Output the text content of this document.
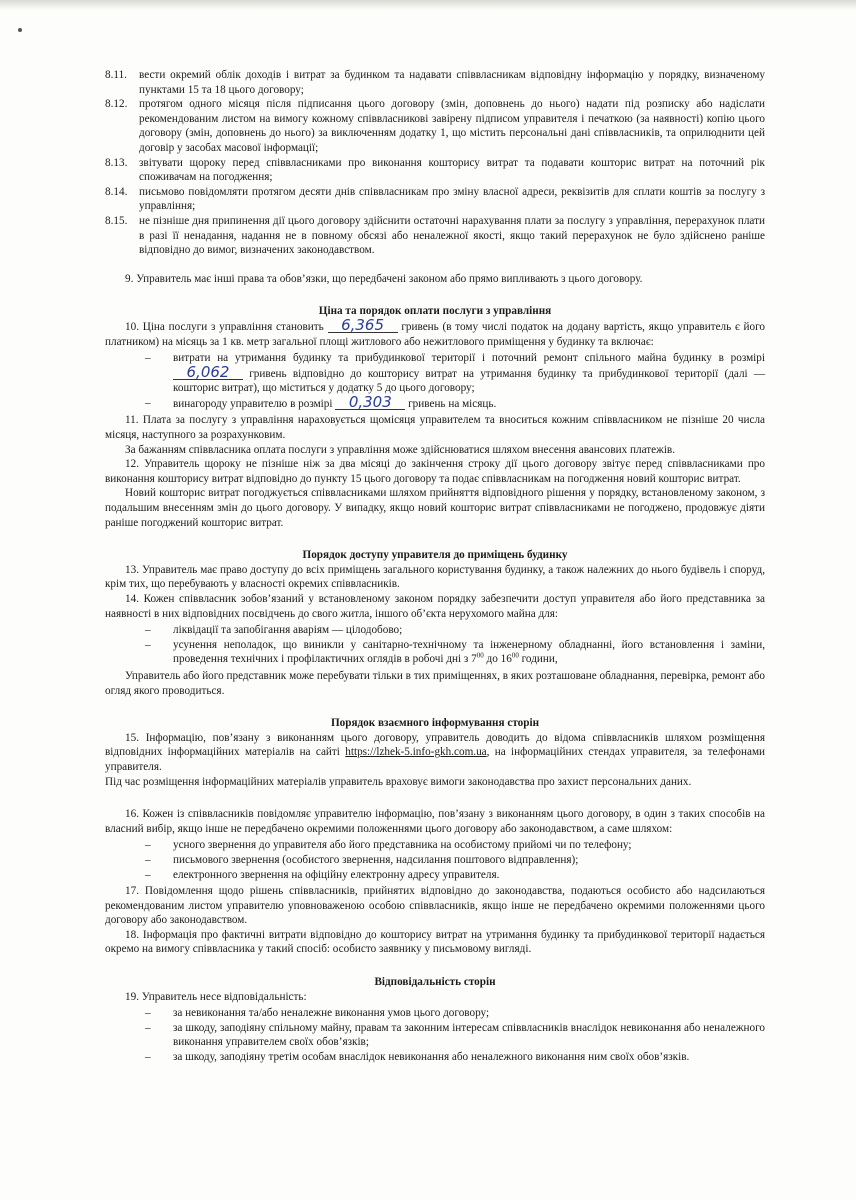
8.11.	вести окремий облік доходів і витрат за будинком та надавати співвласникам відповідну інформацію у порядку, визначеному пунктами 15 та 18 цього договору;
8.12.	протягом одного місяця після підписання цього договору (змін, доповнень до нього) надати під розписку або надіслати рекомендованим листом на вимогу кожному співвласникові завірену підписом управителя і печаткою (за наявності) копію цього договору (змін, доповнень до нього) за виключенням додатку 1, що містить персональні дані співвласників, та оприлюднити цей договір у засобах масової інформації;
8.13.	звітувати щороку перед співвласниками про виконання кошторису витрат та подавати кошторис витрат на поточний рік споживачам на погодження;
8.14.	письмово повідомляти протягом десяти днів співвласникам про зміну власної адреси, реквізитів для сплати коштів за послугу з управління;
8.15.	не пізніше дня припинення дії цього договору здійснити остаточні нарахування плати за послугу з управління, перерахунок плати в разі її ненадання, надання не в повному обсязі або неналежної якості, якщо такий перерахунок не було здійснено раніше відповідно до вимог, визначених законодавством.

9. Управитель має інші права та обов’язки, що передбачені законом або прямо випливають з цього договору.

Ціна та порядок оплати послуги з управління

10. Ціна послуги з управління становить 6,365 гривень (в тому числі податок на додану вартість, якщо управитель є його платником) на місяць за 1 кв. метр загальної площі житлового або нежитлового приміщення у будинку та включає:

–	витрати на утримання будинку та прибудинкової території і поточний ремонт спільного майна будинку в розмірі 6,062 гривень відповідно до кошторису витрат на утримання будинку та прибудинкової території (далі — кошторис витрат), що міститься у додатку 5 до цього договору;
–	винагороду управителю в розмірі 0,303 гривень на місяць.

11. Плата за послугу з управління нараховується щомісяця управителем та вноситься кожним співвласником не пізніше 20 числа місяця, наступного за розрахунковим.

За бажанням співвласника оплата послуги з управління може здійснюватися шляхом внесення авансових платежів.

12. Управитель щороку не пізніше ніж за два місяці до закінчення строку дії цього договору звітує перед співвласниками про виконання кошторису витрат відповідно до пункту 15 цього договору та подає співвласникам на погодження новий кошторис витрат.

Новий кошторис витрат погоджується співвласниками шляхом прийняття відповідного рішення у порядку, встановленому законом, з подальшим внесенням змін до цього договору. У випадку, якщо новий кошторис витрат співвласниками не погоджено, продовжує діяти раніше погоджений кошторис витрат.

Порядок доступу управителя до приміщень будинку

13. Управитель має право доступу до всіх приміщень загального користування будинку, а також належних до нього будівель і споруд, крім тих, що перебувають у власності окремих співвласників.

14. Кожен співвласник зобов’язаний у встановленому законом порядку забезпечити доступ управителя або його представника за наявності в них відповідних посвідчень до свого житла, іншого об’єкта нерухомого майна для:

–	ліквідації та запобігання аваріям — цілодобово;
–	усунення неполадок, що виникли у санітарно-технічному та інженерному обладнанні, його встановлення і заміни, проведення технічних і профілактичних оглядів в робочі дні з $7^{00}$ до $16^{00}$ години,

Управитель або його представник може перебувати тільки в тих приміщеннях, в яких розташоване обладнання, перевірка, ремонт або огляд якого проводиться.

Порядок взаємного інформування сторін

15. Інформацію, пов’язану з виконанням цього договору, управитель доводить до відома співвласників шляхом розміщення відповідних інформаційних матеріалів на сайті https://lzhek-5.info-gkh.com.ua, на інформаційних стендах управителя, за телефонами управителя.

Під час розміщення інформаційних матеріалів управитель враховує вимоги законодавства про захист персональних даних.

16. Кожен із співвласників повідомляє управителю інформацію, пов’язану з виконанням цього договору, в один з таких способів на власний вибір, якщо інше не передбачено окремими положеннями цього договору або законодавством, а саме шляхом:

–	усного звернення до управителя або його представника на особистому прийомі чи по телефону;
–	письмового звернення (особистого звернення, надсилання поштового відправлення);
–	електронного звернення на офіційну електронну адресу управителя.

17. Повідомлення щодо рішень співвласників, прийнятих відповідно до законодавства, подаються особисто або надсилаються рекомендованим листом управителю уповноваженою особою співвласників, якщо інше не передбачено окремими положеннями цього договору або законодавством.

18. Інформація про фактичні витрати відповідно до кошторису витрат на утримання будинку та прибудинкової території надається окремо на вимогу співвласника у такий спосіб: особисто заявнику у письмовому вигляді.

Відповідальність сторін

19. Управитель несе відповідальність:

–	за невиконання та/або неналежне виконання умов цього договору;
–	за шкоду, заподіяну спільному майну, правам та законним інтересам співвласників внаслідок невиконання або неналежного виконання управителем своїх обов’язків;
–	за шкоду, заподіяну третім особам внаслідок невиконання або неналежного виконання ним своїх обов’язків.
